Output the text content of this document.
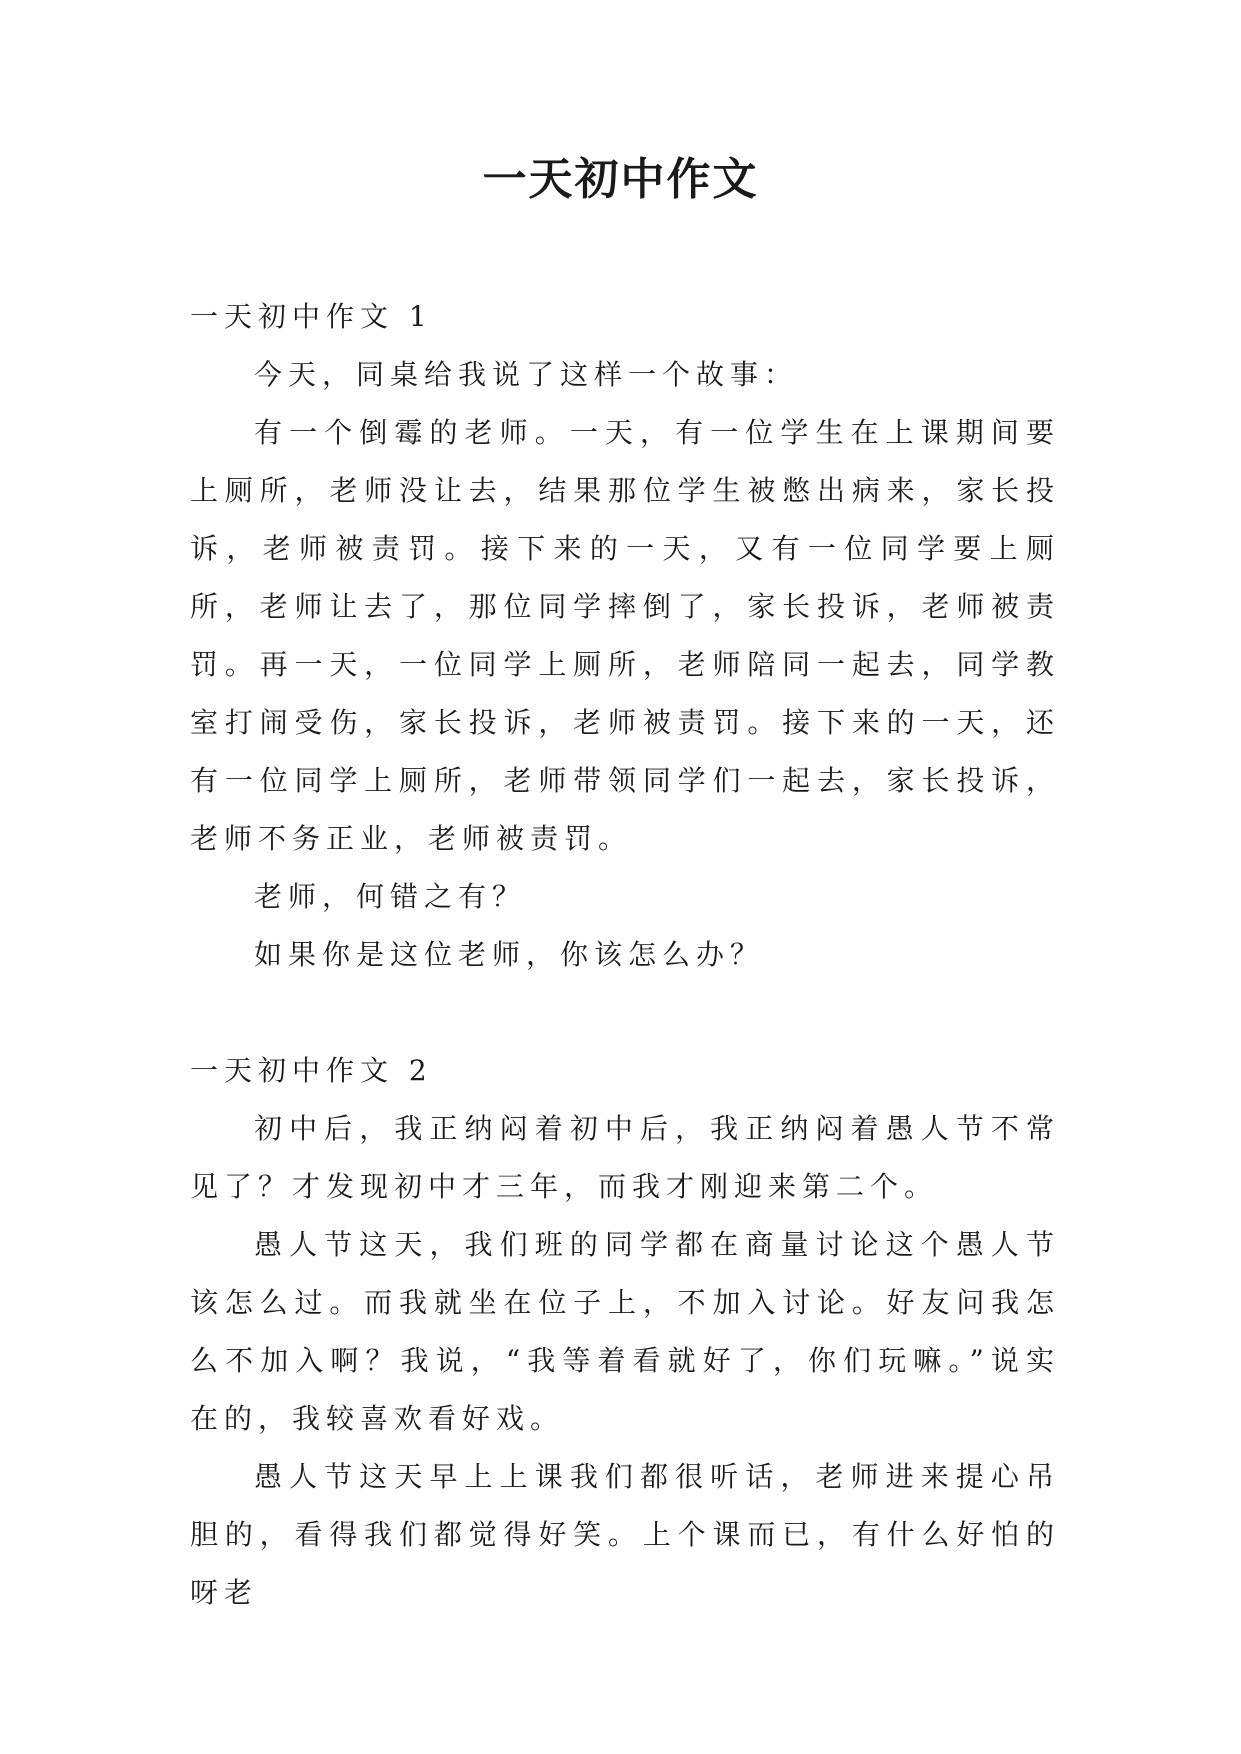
一天初中作文
一天初中作文 1

今天，同桌给我说了这样一个故事：

有一个倒霉的老师。一天，有一位学生在上课期间要上厕所，老师没让去，结果那位学生被憋出病来，家长投诉，老师被责罚。接下来的一天，又有一位同学要上厕所，老师让去了，那位同学摔倒了，家长投诉，老师被责罚。再一天，一位同学上厕所，老师陪同一起去，同学教室打闹受伤，家长投诉，老师被责罚。接下来的一天，还有一位同学上厕所，老师带领同学们一起去，家长投诉，老师不务正业，老师被责罚。

老师，何错之有？

如果你是这位老师，你该怎么办？

一天初中作文 2

初中后，我正纳闷着初中后，我正纳闷着愚人节不常见了？才发现初中才三年，而我才刚迎来第二个。

愚人节这天，我们班的同学都在商量讨论这个愚人节该怎么过。而我就坐在位子上，不加入讨论。好友问我怎么不加入啊？我说，“我等着看就好了，你们玩嘛。”说实在的，我较喜欢看好戏。

愚人节这天早上上课我们都很听话，老师进来提心吊胆的，看得我们都觉得好笑。上个课而已，有什么好怕的呀老
